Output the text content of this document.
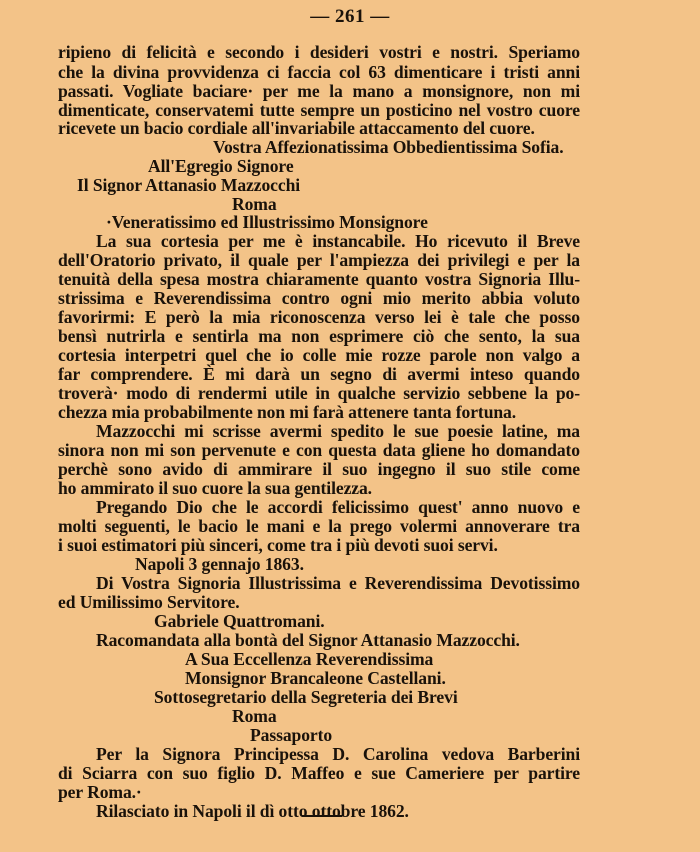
— 261 —
ripieno di felicità e secondo i desideri vostri e nostri. Speriamo
che la divina provvidenza ci faccia col 63 dimenticare i tristi anni
passati. Vogliate baciare· per me la mano a monsignore, non mi
dimenticate, conservatemi tutte sempre un posticino nel vostro cuore
ricevete un bacio cordiale all'invariabile attaccamento del cuore.
Vostra Affezionatissima Obbedientissima Sofia.
All'Egregio Signore
Il Signor Attanasio Mazzocchi
Roma
·Veneratissimo ed Illustrissimo Monsignore
La sua cortesia per me è instancabile. Ho ricevuto il Breve
dell'Oratorio privato, il quale per l'ampiezza dei privilegi e per la
tenuità della spesa mostra chiaramente quanto vostra Signoria Illu-
strissima e Reverendissima contro ogni mio merito abbia voluto
favorirmi: E però la mia riconoscenza verso lei è tale che posso
bensì nutrirla e sentirla ma non esprimere ciò che sento, la sua
cortesia interpetri quel che io colle mie rozze parole non valgo a
far comprendere. È mi darà un segno di avermi inteso quando
troverà· modo di rendermi utile in qualche servizio sebbene la po-
chezza mia probabilmente non mi farà attenere tanta fortuna.
Mazzocchi mi scrisse avermi spedito le sue poesie latine, ma
sinora non mi son pervenute e con questa data gliene ho domandato
perchè sono avido di ammirare il suo ingegno il suo stile come
ho ammirato il suo cuore la sua gentilezza.
Pregando Dio che le accordi felicissimo quest' anno nuovo e
molti seguenti, le bacio le mani e la prego volermi annoverare tra
i suoi estimatori più sinceri, come tra i più devoti suoi servi.
Napoli 3 gennajo 1863.
Di Vostra Signoria Illustrissima e Reverendissima Devotissimo
ed Umilissimo Servitore.
Gabriele Quattromani.
Racomandata alla bontà del Signor Attanasio Mazzocchi.
A Sua Eccellenza Reverendissima
Monsignor Brancaleone Castellani.
Sottosegretario della Segreteria dei Brevi
Roma
Passaporto
Per la Signora Principessa D. Carolina vedova Barberini
di Sciarra con suo figlio D. Maffeo e sue Cameriere per partire
per Roma.·
Rilasciato in Napoli il dì otto ottobre 1862.
